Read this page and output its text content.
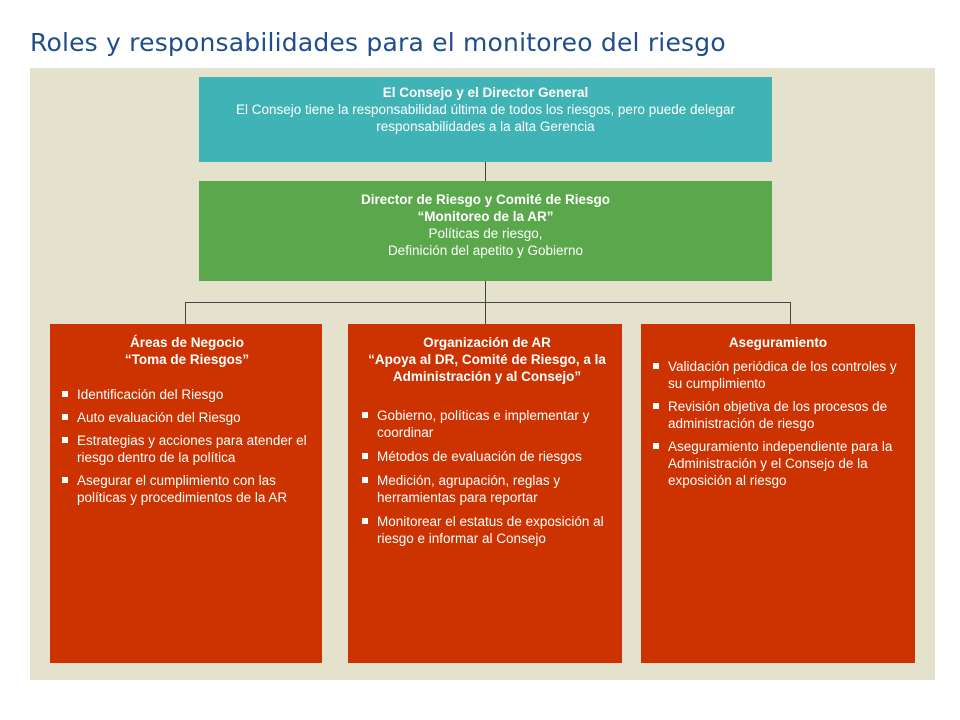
Roles y responsabilidades para el monitoreo del riesgo
El Consejo y el Director General
El Consejo tiene la responsabilidad última de todos los riesgos, pero puede delegar responsabilidades a la alta Gerencia
Director de Riesgo y Comité de Riesgo
“Monitoreo de la AR”
Políticas de riesgo,
Definición del apetito y Gobierno
Áreas de Negocio
“Toma de Riesgos”
Identificación del Riesgo
Auto evaluación del Riesgo
Estrategias y acciones para atender el riesgo dentro de la política
Asegurar el cumplimiento con las políticas y procedimientos de la AR
Organización de AR
“Apoya al DR, Comité de Riesgo, a la Administración y al Consejo”
Gobierno, políticas e implementar y coordinar
Métodos de evaluación de riesgos
Medición, agrupación, reglas y herramientas para reportar
Monitorear el estatus de exposición al riesgo e informar al Consejo
Aseguramiento
Validación periódica de los controles y su cumplimiento
Revisión objetiva de los procesos de administración de riesgo
Aseguramiento independiente para la Administración y el Consejo de la exposición al riesgo
